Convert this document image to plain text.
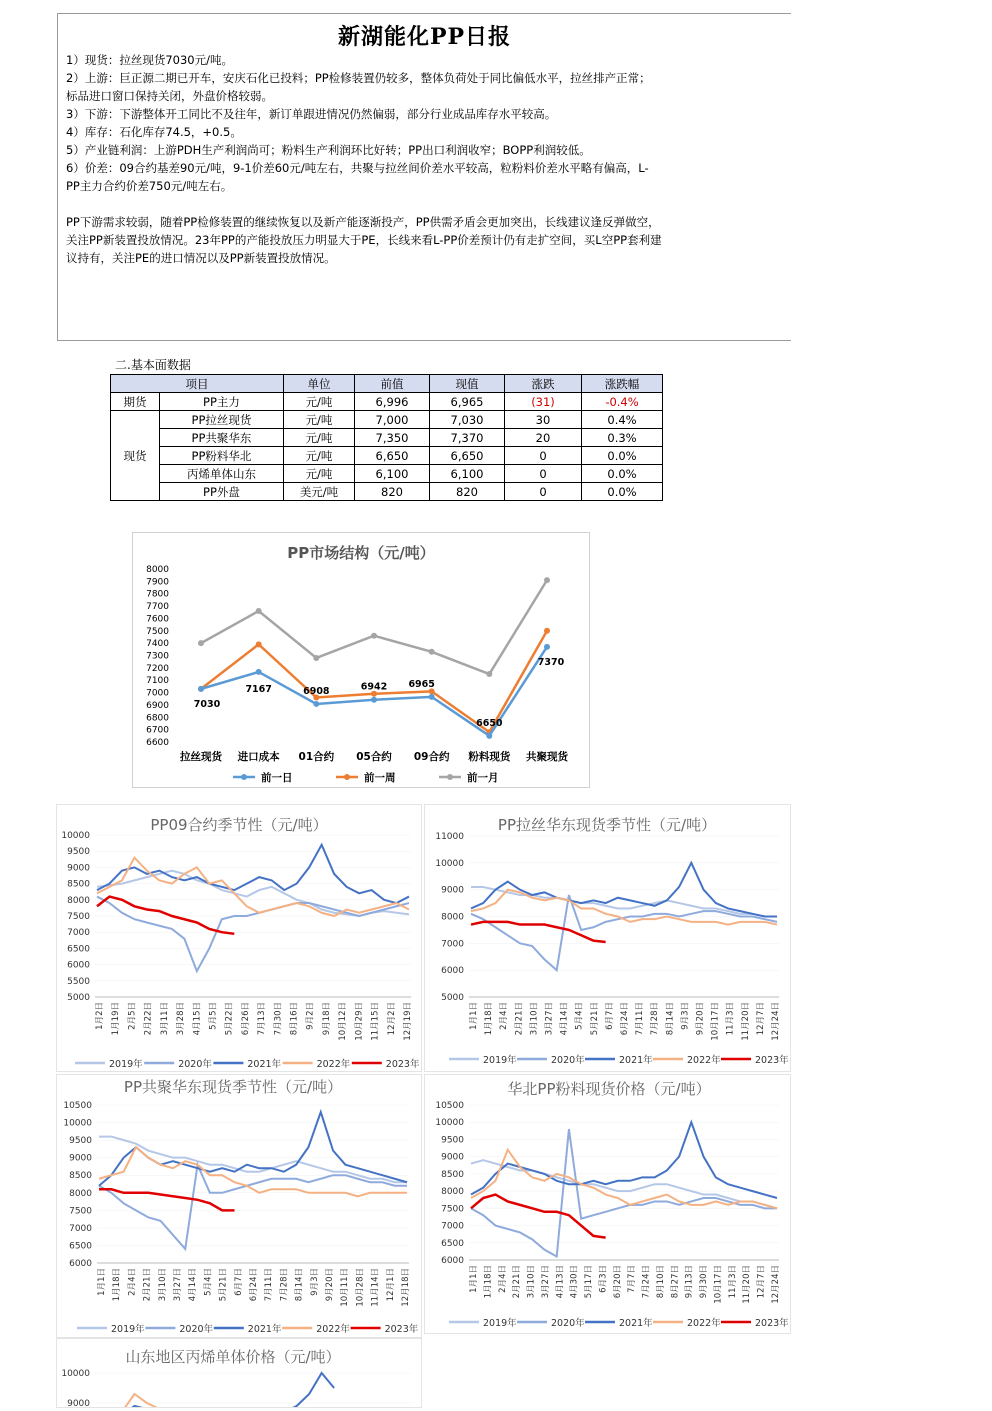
新湖能化PP日报
1）现货：拉丝现货7030元/吨。
2）上游：巨正源二期已开车，安庆石化已投料；PP检修装置仍较多，整体负荷处于同比偏低水平，拉丝排产正常；
标品进口窗口保持关闭，外盘价格较弱。
3）下游：下游整体开工同比不及往年，新订单跟进情况仍然偏弱，部分行业成品库存水平较高。
4）库存：石化库存74.5，+0.5。
5）产业链利润：上游PDH生产利润尚可；粉料生产利润环比好转；PP出口利润收窄；BOPP利润较低。
6）价差：09合约基差90元/吨，9-1价差60元/吨左右，共聚与拉丝间价差水平较高，粒粉料价差水平略有偏高，L-
PP主力合约价差750元/吨左右。
PP下游需求较弱，随着PP检修装置的继续恢复以及新产能逐渐投产，PP供需矛盾会更加突出，长线建议逢反弹做空，
关注PP新装置投放情况。23年PP的产能投放压力明显大于PE，长线来看L-PP价差预计仍有走扩空间，买L空PP套利建
议持有，关注PE的进口情况以及PP新装置投放情况。
二.基本面数据
项目		单位	前值	现值	涨跌	涨跌幅
期货	PP主力	元/吨	6,996	6,965	(31)	-0.4%
现货	PP拉丝现货	元/吨	7,000	7,030	30	0.4%
	PP共聚华东	元/吨	7,350	7,370	20	0.3%
	PP粉料华北	元/吨	6,650	6,650	0	0.0%
	丙烯单体山东	元/吨	6,100	6,100	0	0.0%
	PP外盘	美元/吨	820	820	0	0.0%
PP市场结构（元/吨）
6600
6700
6800
6900
7000
7100
7200
7300
7400
7500
7600
7700
7800
7900
8000
拉丝现货 进口成本 01合约 05合约 09合约 粉料现货 共聚现货
7030
7167	6908	6942 6965
6650
7370
前一日	前一周	前一月
PP09合约季节性（元/吨）
5000
5500
6000
6500
7000
7500
8000
8500
9000
9500
10000
1月2日 1月19日 2月5日 2月22日 3月11日 3月28日 4月15日 5月5日 5月22日 6月26日 7月13日 7月30日 8月16日 9月2日 9月18日 10月12日 10月29日 11月15日 12月2日 12月19日
2019年	2020年	2021年	2022年	2023年
PP拉丝华东现货季节性（元/吨）
5000
6000
7000
8000
9000
10000
11000
1月1日 1月18日 2月4日 2月21日 3月10日 3月27日 4月14日 5月4日 5月21日 6月7日 6月24日 7月11日 7月28日 8月14日 9月3日 9月20日 10月17日 11月3日 11月20日 12月7日 12月24日
2019年	2020年	2021年	2022年	2023年
PP共聚华东现货季节性（元/吨）
6000
6500
7000
7500
8000
8500
9000
9500
10000
10500
1月1日 1月18日 2月4日 2月21日 3月10日 3月27日 4月14日 5月4日 5月21日 6月7日 6月24日 7月11日 7月28日 8月14日 9月3日 9月20日 10月11日 10月28日 11月14日 12月1日 12月18日
2019年	2020年	2021年	2022年	2023年
华北PP粉料现货价格（元/吨）
6000
6500
7000
7500
8000
8500
9000
9500
10000
10500
1月1日 1月18日 2月4日 2月21日 3月10日 3月27日 4月13日 4月30日 5月17日 6月3日 6月20日 7月7日 7月24日 8月10日 8月27日 9月13日 9月30日 10月17日 11月3日 11月20日 12月7日 12月24日
2019年	2020年	2021年	2022年	2023年
山东地区丙烯单体价格（元/吨）
9000
10000
